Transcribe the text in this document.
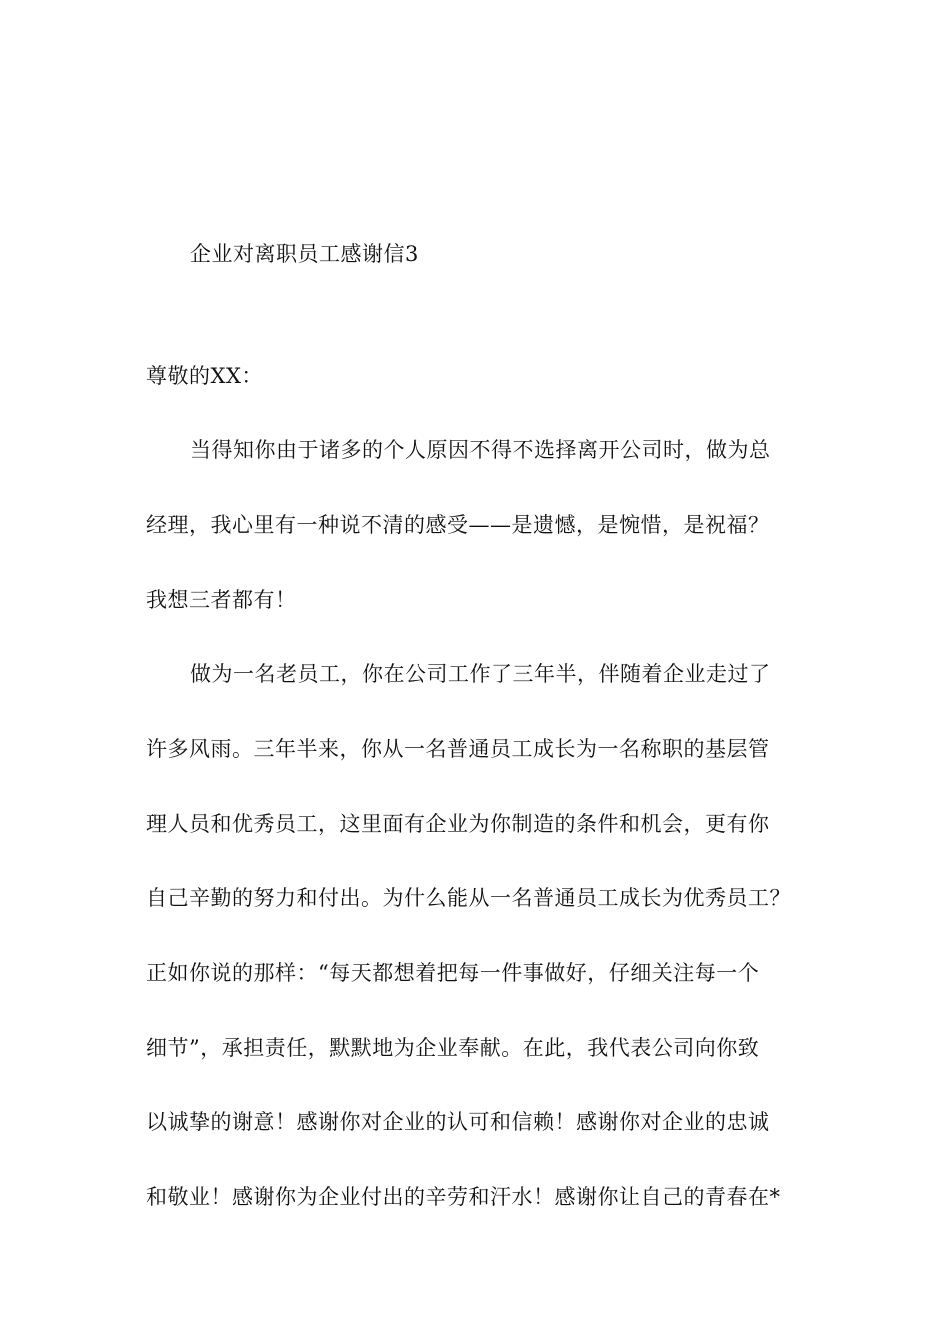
企业对离职员工感谢信3
尊敬的XX：
当得知你由于诸多的个人原因不得不选择离开公司时，做为总
经理，我心里有一种说不清的感受——是遗憾，是惋惜，是祝福？
我想三者都有！
做为一名老员工，你在公司工作了三年半，伴随着企业走过了
许多风雨。三年半来，你从一名普通员工成长为一名称职的基层管
理人员和优秀员工，这里面有企业为你制造的条件和机会，更有你
自己辛勤的努力和付出。为什么能从一名普通员工成长为优秀员工？
正如你说的那样：“每天都想着把每一件事做好，仔细关注每一个
细节”，承担责任，默默地为企业奉献。在此，我代表公司向你致
以诚挚的谢意！感谢你对企业的认可和信赖！感谢你对企业的忠诚
和敬业！感谢你为企业付出的辛劳和汗水！感谢你让自己的青春在*
